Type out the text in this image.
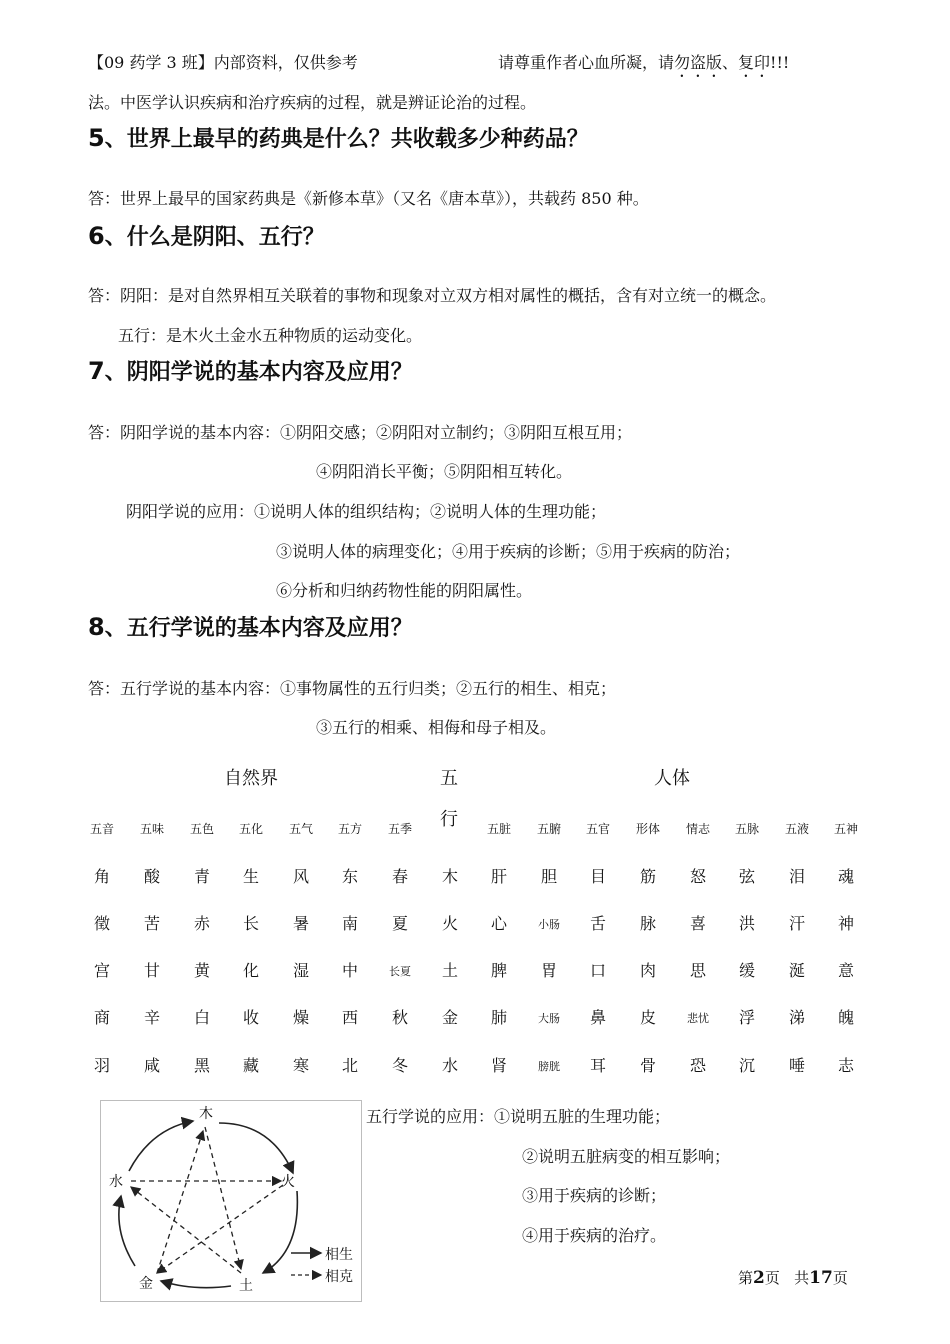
【09 药学 3 班】内部资料，仅供参考	请尊重作者心血所凝，请勿盗版、复印!!!
法。中医学认识疾病和治疗疾病的过程，就是辨证论治的过程。
5、世界上最早的药典是什么？共收载多少种药品？
答：世界上最早的国家药典是《新修本草》（又名《唐本草》），共载药 850 种。
6、什么是阴阳、五行？
答：阴阳：是对自然界相互关联着的事物和现象对立双方相对属性的概括，含有对立统一的概念。
五行：是木火土金水五种物质的运动变化。
7、阴阳学说的基本内容及应用？
答：阴阳学说的基本内容：①阴阳交感；②阴阳对立制约；③阴阳互根互用；
④阴阳消长平衡；⑤阴阳相互转化。
阴阳学说的应用：①说明人体的组织结构；②说明人体的生理功能；
③说明人体的病理变化；④用于疾病的诊断；⑤用于疾病的防治；
⑥分析和归纳药物性能的阴阳属性。
8、五行学说的基本内容及应用？
答：五行学说的基本内容：①事物属性的五行归类；②五行的相生、相克；
③五行的相乘、相侮和母子相及。
自然界	五
行
人体
五音	五味	五色	五化	五气	五方	五季	五脏	五腑	五官	形体	情志	五脉	五液	五神
角	酸	青	生	风	东	春	木	肝	胆	目	筋	怒	弦	泪	魂
徵	苦	赤	长	暑	南	夏	火	心	小肠	舌	脉	喜	洪	汗	神
宫	甘	黄	化	湿	中	长夏	土	脾	胃	口	肉	思	缓	涎	意
商	辛	白	收	燥	西	秋	金	肺	大肠	鼻	皮	悲忧	浮	涕	魄
羽	咸	黑	藏	寒	北	冬	水	肾	膀胱	耳	骨	恐	沉	唾	志
木
火
水
金	土
相生
相克
五行学说的应用：①说明五脏的生理功能；
②说明五脏病变的相互影响；
③用于疾病的诊断；
④用于疾病的治疗。
第2页   共17页
